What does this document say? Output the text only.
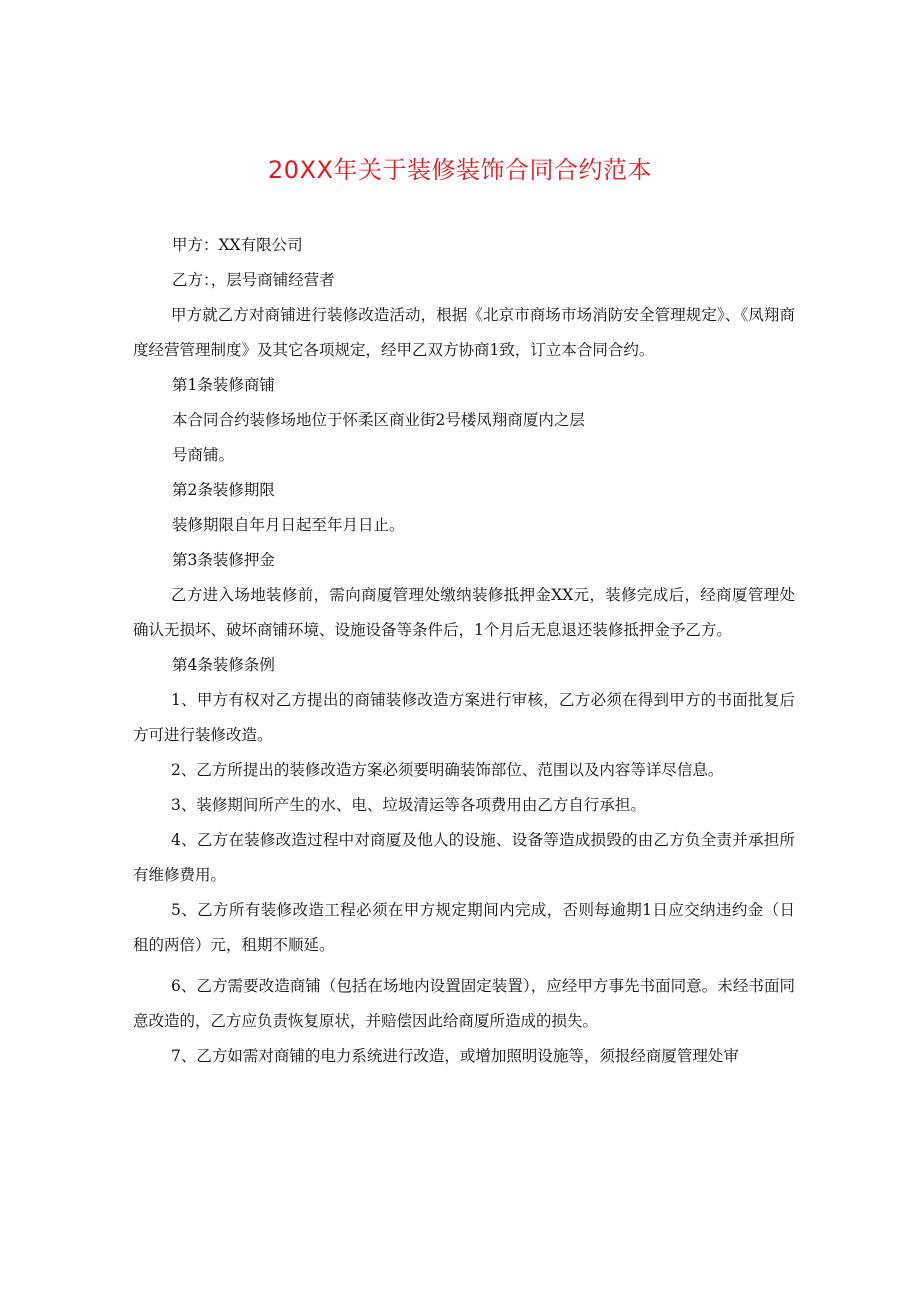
20XX年关于装修装饰合同合约范本

甲方：XX有限公司

乙方：，层号商铺经营者

甲方就乙方对商铺进行装修改造活动，根据《北京市商场市场消防安全管理规定》、《凤翔商度经营管理制度》及其它各项规定，经甲乙双方协商1致，订立本合同合约。

第1条装修商铺

本合同合约装修场地位于怀柔区商业街2号楼凤翔商厦内之层

号商铺。

第2条装修期限

装修期限自年月日起至年月日止。

第3条装修押金

乙方进入场地装修前，需向商厦管理处缴纳装修抵押金XX元，装修完成后，经商厦管理处确认无损坏、破坏商铺环境、设施设备等条件后，1个月后无息退还装修抵押金予乙方。

第4条装修条例

1、甲方有权对乙方提出的商铺装修改造方案进行审核，乙方必须在得到甲方的书面批复后方可进行装修改造。

2、乙方所提出的装修改造方案必须要明确装饰部位、范围以及内容等详尽信息。

3、装修期间所产生的水、电、垃圾清运等各项费用由乙方自行承担。

4、乙方在装修改造过程中对商厦及他人的设施、设备等造成损毁的由乙方负全责并承担所有维修费用。

5、乙方所有装修改造工程必须在甲方规定期间内完成，否则每逾期1日应交纳违约金（日租的两倍）元，租期不顺延。

6、乙方需要改造商铺（包括在场地内设置固定装置），应经甲方事先书面同意。未经书面同意改造的，乙方应负责恢复原状，并赔偿因此给商厦所造成的损失。

7、乙方如需对商铺的电力系统进行改造，或增加照明设施等，须报经商厦管理处审
